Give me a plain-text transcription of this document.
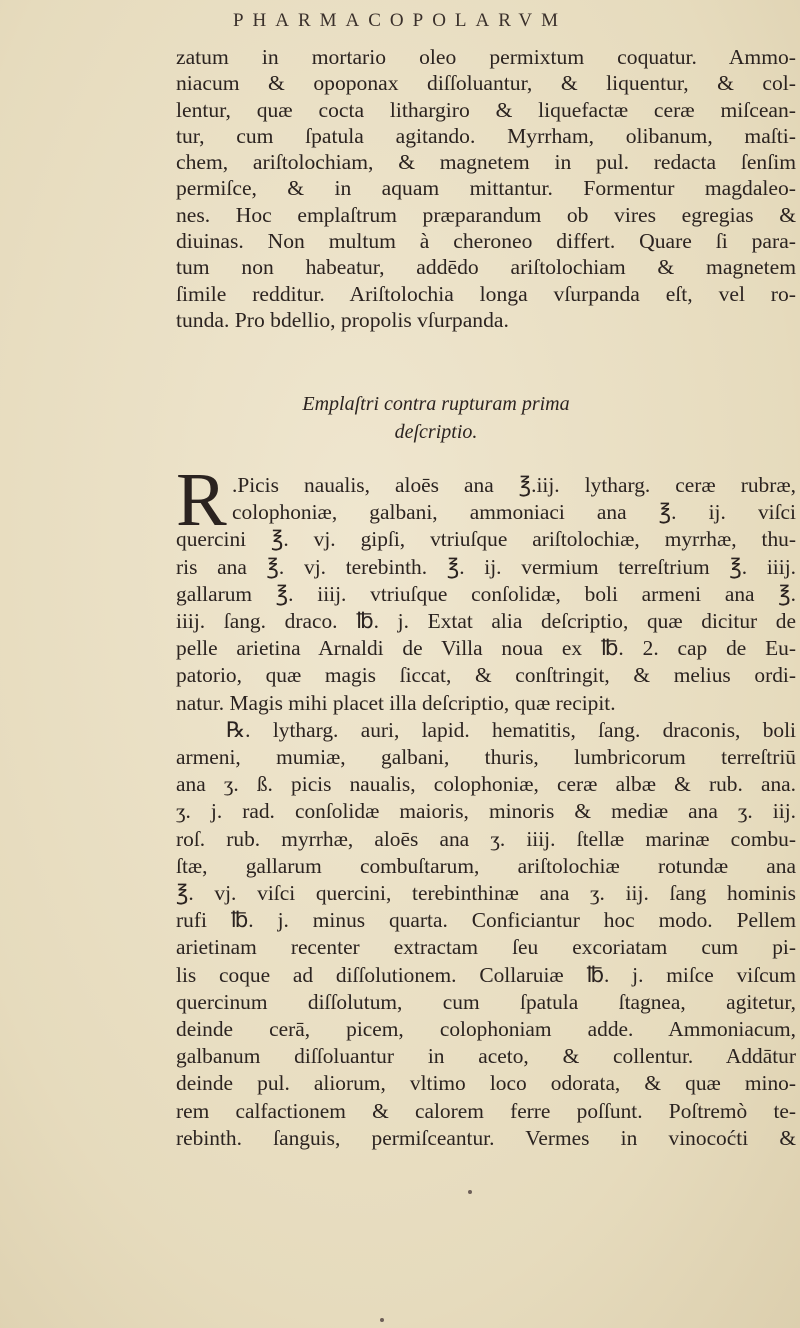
PHARMACOPOLARVM
zatum in mortario oleo permixtum coquatur. Ammo-
niacum & opoponax diſſoluantur, & liquentur, & col-
lentur, quæ cocta lithargiro & liquefactæ ceræ miſcean-
tur, cum ſpatula agitando. Myrrham, olibanum, maſti-
chem, ariſtolochiam, & magnetem in pul. redacta ſenſim
permiſce, & in aquam mittantur. Formentur magdaleo-
nes. Hoc emplaſtrum præparandum ob vires egregias &
diuinas. Non multum à cheroneo differt. Quare ſi para-
tum non habeatur, addēdo ariſtolochiam & magnetem
ſimile redditur. Ariſtolochia longa vſurpanda eſt, vel ro-
tunda. Pro bdellio, propolis vſurpanda.
Emplaſtri contra rupturam prima
deſcriptio.
R .Picis naualis, aloēs ana ℥.iij. lytharg. ceræ rubræ,
colophoniæ, galbani, ammoniaci ana ℥. ij. viſci
quercini ℥. vj. gipſi, vtriuſque ariſtolochiæ, myrrhæ, thu-
ris ana ℥. vj. terebinth. ℥. ij. vermium terreſtrium ℥. iiij.
gallarum ℥. iiij. vtriuſque conſolidæ, boli armeni ana ℥.
iiij. ſang. draco. ℔. j. Extat alia deſcriptio, quæ dicitur de
pelle arietina Arnaldi de Villa noua ex ℔. 2. cap de Eu-
patorio, quæ magis ſiccat, & conſtringit, & melius ordi-
natur. Magis mihi placet illa deſcriptio, quæ recipit.
℞. lytharg. auri, lapid. hematitis, ſang. draconis, boli
armeni, mumiæ, galbani, thuris, lumbricorum terreſtriū
ana ʒ. ß. picis naualis, colophoniæ, ceræ albæ & rub. ana.
ʒ. j. rad. conſolidæ maioris, minoris & mediæ ana ʒ. iij.
roſ. rub. myrrhæ, aloēs ana ʒ. iiij. ſtellæ marinæ combu-
ſtæ, gallarum combuſtarum, ariſtolochiæ rotundæ ana
℥. vj. viſci quercini, terebinthinæ ana ʒ. iij. ſang hominis
rufi ℔. j. minus quarta. Conficiantur hoc modo. Pellem
arietinam recenter extractam ſeu excoriatam cum pi-
lis coque ad diſſolutionem. Collaruiæ ℔. j. miſce viſcum
quercinum diſſolutum, cum ſpatula ſtagnea, agitetur,
deinde cerā, picem, colophoniam adde. Ammoniacum,
galbanum diſſoluantur in aceto, & collentur. Addātur
deinde pul. aliorum, vltimo loco odorata, & quæ mino-
rem calfactionem & calorem ferre poſſunt. Poſtremò te-
rebinth. ſanguis, permiſceantur. Vermes in vinocoćti &
